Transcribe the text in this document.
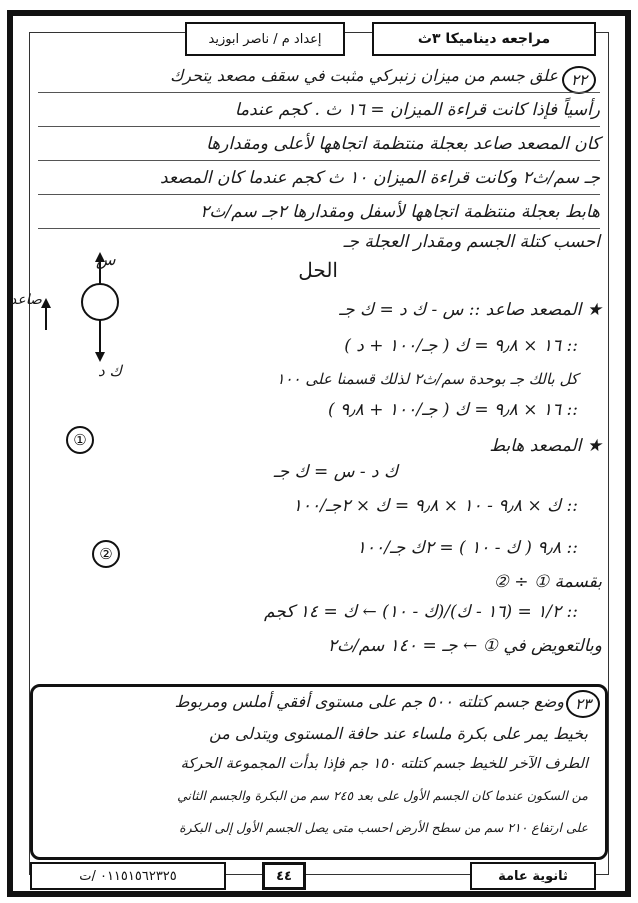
مراجعه ديناميكا ٣ث
إعداد م / ناصر ابوزيد
٢٢
علق جسم من ميزان زنبركي مثبت في سقف مصعد يتحرك
رأسياً فإذا كانت قراءة الميزان = ١٦ ث . كجم عندما
كان المصعد صاعد بعجلة منتظمة اتجاهها لأعلى ومقدارها
جـ سم/ث٢ وكانت قراءة الميزان ١٠ ث كجم عندما كان المصعد
هابط بعجلة منتظمة اتجاهها لأسفل ومقدارها ٢جـ سم/ث٢
احسب كتلة الجسم ومقدار العجلة جـ
الحل
س
صاعد
ك د
★ المصعد صاعد :: س - ك د = ك جـ
:: ١٦ × ٩٫٨ = ك ( جـ/١٠٠ + د )
كل بالك جـ بوحدة سم/ث٢ لذلك قسمنا على ١٠٠
:: ١٦ × ٩٫٨ = ك ( جـ/١٠٠ + ٩٫٨ )
①	★ المصعد هابط
ك د - س = ك جـ
:: ك × ٩٫٨ - ١٠ × ٩٫٨ = ك × ٢جـ/١٠٠
②	:: ٩٫٨ ( ك - ١٠ ) = ٢ك جـ/١٠٠
بقسمة ① ÷ ②
:: ١/٢ = (١٦ - ك)/(ك - ١٠) ← ك = ١٤ كجم
وبالتعويض في ① ← جـ = ١٤٠ سم/ث٢
٢٣
وضع جسم كتلته ٥٠٠ جم على مستوى أفقي أملس ومربوط
بخيط يمر على بكرة ملساء عند حافة المستوى ويتدلى من
الطرف الآخر للخيط جسم كتلته ١٥٠ جم فإذا بدأت المجموعة الحركة
من السكون عندما كان الجسم الأول على بعد ٢٤٥ سم من البكرة والجسم الثاني
على ارتفاع ٢١٠ سم من سطح الأرض احسب متى يصل الجسم الأول إلى البكرة
٠١١٥١٥٦٢٣٢٥ /ت	٤٤	ثانوية عامة
